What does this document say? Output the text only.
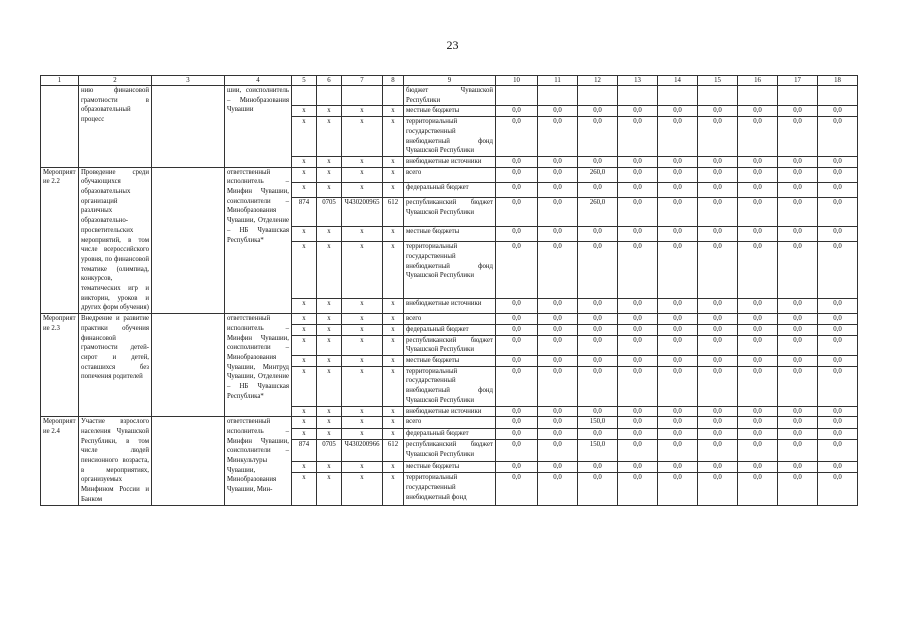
23
1	2	3	4	5	6	7	8	9	10	11	12	13	14	15	16	17	18
	нию финансовой грамотности в образовательный процесс		шии, соисполнитель – Минобразования Чувашии					бюджет Чувашской Республики									
				x	x	x	x	местные бюджеты	0,0	0,0	0,0	0,0	0,0	0,0	0,0	0,0	0,0
				x	x	x	x	территориальный государственный внебюджетный фонд Чувашской Республики	0,0	0,0	0,0	0,0	0,0	0,0	0,0	0,0	0,0
				x	x	x	x	внебюджетные источники	0,0	0,0	0,0	0,0	0,0	0,0	0,0	0,0	0,0
Мероприятие 2.2	Проведение среди обучающихся образовательных организаций различных образовательно-просветительских мероприятий, в том числе всероссийского уровня, по финансовой тематике (олимпиад, конкурсов, тематических игр и викторин, уроков и других форм обучения)		ответственный исполнитель – Минфин Чувашии, соисполнители – Минобразования Чувашии, Отделение – НБ Чувашская Республика*	x	x	x	x	всего	0,0	0,0	260,0	0,0	0,0	0,0	0,0	0,0	0,0
				x	x	x	x	федеральный бюджет	0,0	0,0	0,0	0,0	0,0	0,0	0,0	0,0	0,0
				874	0705	Ч430200965	612	республиканский бюджет Чувашской Республики	0,0	0,0	260,0	0,0	0,0	0,0	0,0	0,0	0,0
				x	x	x	x	местные бюджеты	0,0	0,0	0,0	0,0	0,0	0,0	0,0	0,0	0,0
				x	x	x	x	территориальный государственный внебюджетный фонд Чувашской Республики	0,0	0,0	0,0	0,0	0,0	0,0	0,0	0,0	0,0
				x	x	x	x	внебюджетные источники	0,0	0,0	0,0	0,0	0,0	0,0	0,0	0,0	0,0
Мероприятие 2.3	Внедрение и развитие практики обучения финансовой грамотности детей-сирот и детей, оставшихся без попечения родителей		ответственный исполнитель – Минфин Чувашии, соисполнители – Минобразования Чувашии, Минтруд Чувашии, Отделение – НБ Чувашская Республика*	x	x	x	x	всего	0,0	0,0	0,0	0,0	0,0	0,0	0,0	0,0	0,0
				x	x	x	x	федеральный бюджет	0,0	0,0	0,0	0,0	0,0	0,0	0,0	0,0	0,0
				x	x	x	x	республиканский бюджет Чувашской Республики	0,0	0,0	0,0	0,0	0,0	0,0	0,0	0,0	0,0
				x	x	x	x	местные бюджеты	0,0	0,0	0,0	0,0	0,0	0,0	0,0	0,0	0,0
				x	x	x	x	территориальный государственный внебюджетный фонд Чувашской Республики	0,0	0,0	0,0	0,0	0,0	0,0	0,0	0,0	0,0
				x	x	x	x	внебюджетные источники	0,0	0,0	0,0	0,0	0,0	0,0	0,0	0,0	0,0
Мероприятие 2.4	Участие взрослого населения Чувашской Республики, в том числе людей пенсионного возраста, в мероприятиях, организуемых Минфином России и Банком		ответственный исполнитель – Минфин Чувашии, соисполнители – Минкультуры Чувашии, Минобразования Чувашии, Мин-	x	x	x	x	всего	0,0	0,0	150,0	0,0	0,0	0,0	0,0	0,0	0,0
				x	x	x	x	федеральный бюджет	0,0	0,0	0,0	0,0	0,0	0,0	0,0	0,0	0,0
				874	0705	Ч430200966	612	республиканский бюджет Чувашской Республики	0,0	0,0	150,0	0,0	0,0	0,0	0,0	0,0	0,0
				x	x	x	x	местные бюджеты	0,0	0,0	0,0	0,0	0,0	0,0	0,0	0,0	0,0
				x	x	x	x	территориальный государственный внебюджетный фонд	0,0	0,0	0,0	0,0	0,0	0,0	0,0	0,0	0,0
